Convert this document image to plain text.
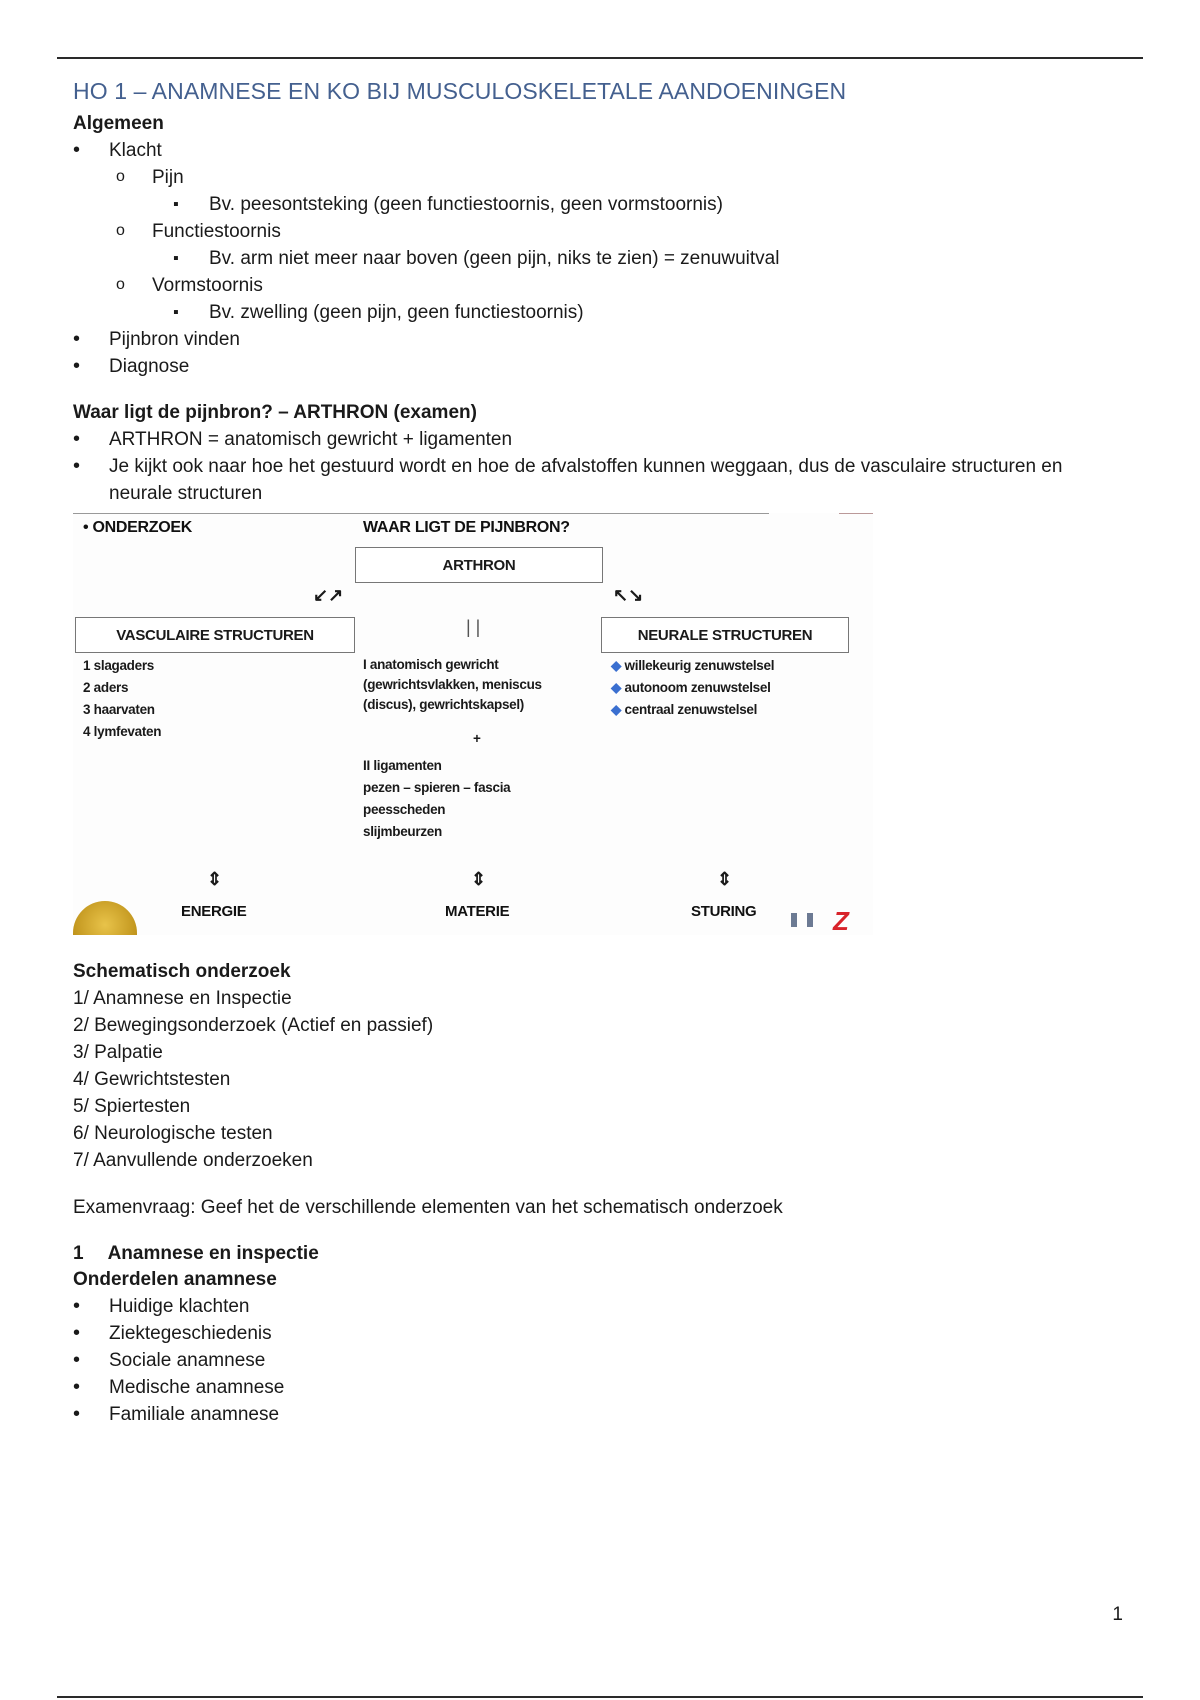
HO 1 – ANAMNESE EN KO BIJ MUSCULOSKELETALE AANDOENINGEN

Algemeen

• Klacht
o Pijn
▪ Bv. peesontsteking (geen functiestoornis, geen vormstoornis)
o Functiestoornis
▪ Bv. arm niet meer naar boven (geen pijn, niks te zien) = zenuwuitval
o Vormstoornis
▪ Bv. zwelling (geen pijn, geen functiestoornis)
• Pijnbron vinden
• Diagnose

Waar ligt de pijnbron? – ARTHRON (examen)

• ARTHRON = anatomisch gewricht + ligamenten
• Je kijkt ook naar hoe het gestuurd wordt en hoe de afvalstoffen kunnen weggaan, dus de vasculaire structuren en neurale structuren
• ONDERZOEK	WAAR LIGT DE PIJNBRON?
ARTHRON
↙↗	↖↘
VASCULAIRE STRUCTUREN	| |	NEURALE STRUCTUREN
1 slagaders
2 aders
3 haarvaten
4 lymfevaten
I anatomisch gewricht
(gewrichtsvlakken, meniscus
(discus), gewrichtskapsel)
+
II ligamenten
pezen – spieren – fascia
peesscheden
slijmbeurzen
◆ willekeurig zenuwstelsel
◆ autonoom zenuwstelsel
◆ centraal zenuwstelsel
⇕	⇕	⇕
ENERGIE	MATERIE	STURING	Z

Schematisch onderzoek

1/ Anamnese en Inspectie

2/ Bewegingsonderzoek (Actief en passief)

3/ Palpatie

4/ Gewrichtstesten

5/ Spiertesten

6/ Neurologische testen

7/ Aanvullende onderzoeken

Examenvraag: Geef het de verschillende elementen van het schematisch onderzoek

1 Anamnese en inspectie

Onderdelen anamnese

• Huidige klachten
• Ziektegeschiedenis
• Sociale anamnese
• Medische anamnese
• Familiale anamnese
1
